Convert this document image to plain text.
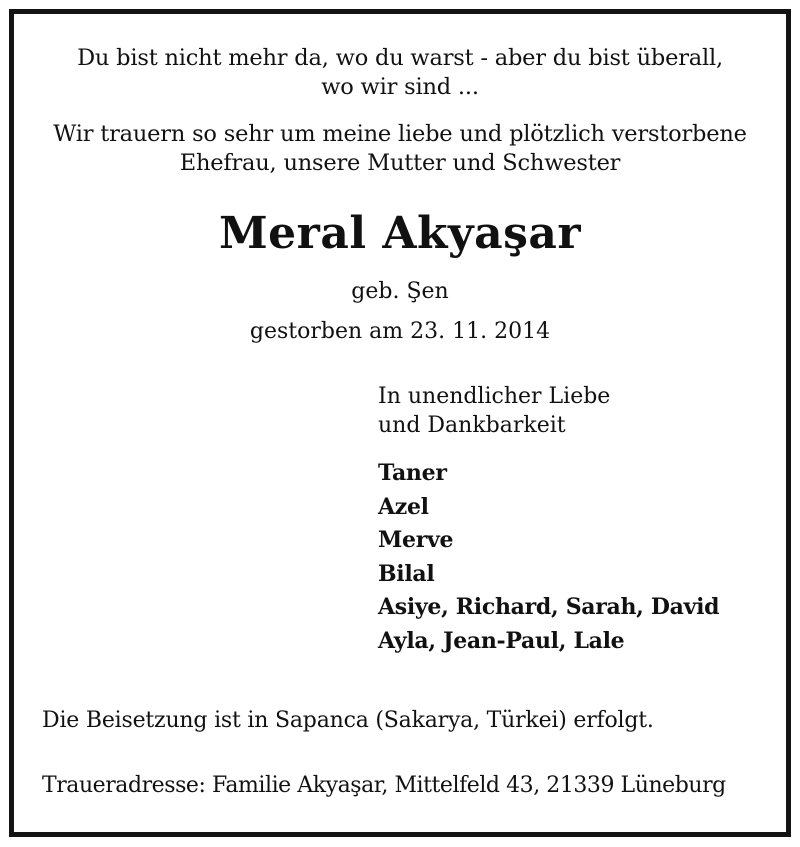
Du bist nicht mehr da, wo du warst - aber du bist überall,
wo wir sind ...
Wir trauern so sehr um meine liebe und plötzlich verstorbene
Ehefrau, unsere Mutter und Schwester
Meral Akyaşar
geb. Şen
gestorben am 23. 11. 2014
In unendlicher Liebe
und Dankbarkeit
Taner
Azel
Merve
Bilal
Asiye, Richard, Sarah, David
Ayla, Jean-Paul, Lale
Die Beisetzung ist in Sapanca (Sakarya, Türkei) erfolgt.
Traueradresse: Familie Akyaşar, Mittelfeld 43, 21339 Lüneburg
